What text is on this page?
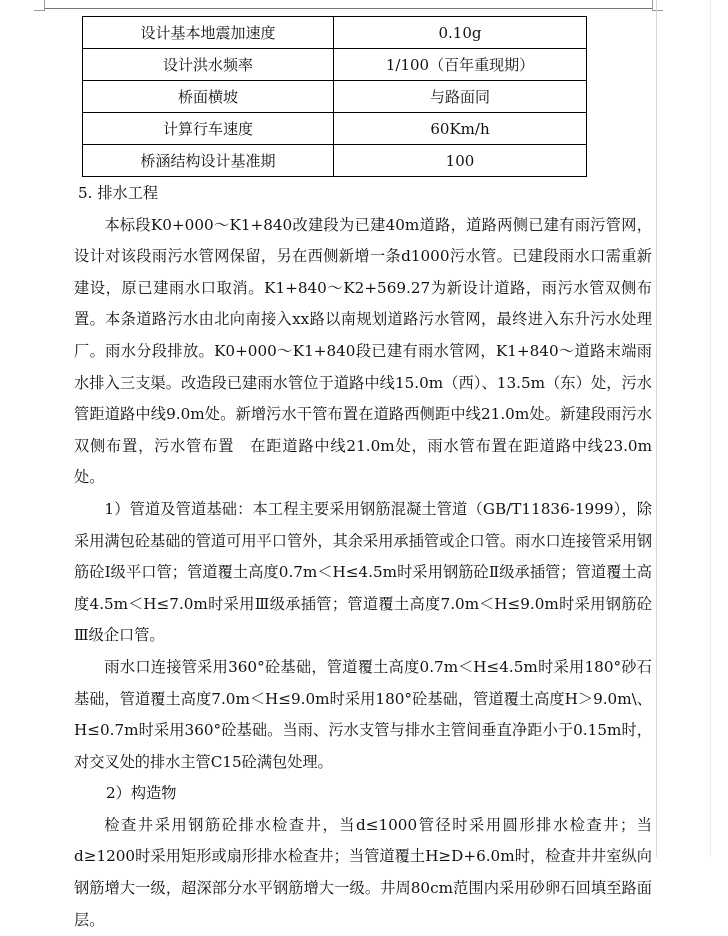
设计基本地震加速度	0.10g
设计洪水频率	1/100（百年重现期）
桥面横坡	与路面同
计算行车速度	60Km/h
桥涵结构设计基准期	100

5. 排水工程

本标段K0+000～K1+840改建段为已建40m道路，道路两侧已建有雨污管网，设计对该段雨污水管网保留，另在西侧新增一条d1000污水管。已建段雨水口需重新建设，原已建雨水口取消。K1+840～K2+569.27为新设计道路，雨污水管双侧布置。本条道路污水由北向南接入xx路以南规划道路污水管网，最终进入东升污水处理厂。雨水分段排放。K0+000～K1+840段已建有雨水管网，K1+840～道路末端雨水排入三支渠。改造段已建雨水管位于道路中线15.0m（西）、13.5m（东）处，污水管距道路中线9.0m处。新增污水干管布置在道路西侧距中线21.0m处。新建段雨污水双侧布置，污水管布置　在距道路中线21.0m处，雨水管布置在距道路中线23.0m处。

1）管道及管道基础：本工程主要采用钢筋混凝土管道（GB/T11836-1999），除采用满包砼基础的管道可用平口管外，其余采用承插管或企口管。雨水口连接管采用钢筋砼Ⅰ级平口管；管道覆土高度0.7m＜H≤4.5m时采用钢筋砼Ⅱ级承插管；管道覆土高度4.5m＜H≤7.0m时采用Ⅲ级承插管；管道覆土高度7.0m＜H≤9.0m时采用钢筋砼Ⅲ级企口管。

雨水口连接管采用360°砼基础，管道覆土高度0.7m＜H≤4.5m时采用180°砂石基础，管道覆土高度7.0m＜H≤9.0m时采用180°砼基础，管道覆土高度H＞9.0m\、H≤0.7m时采用360°砼基础。当雨、污水支管与排水主管间垂直净距小于0.15m时，对交叉处的排水主管C15砼满包处理。

2）构造物

检查井采用钢筋砼排水检查井，当d≤1000管径时采用圆形排水检查井；当d≥1200时采用矩形或扇形排水检查井；当管道覆土H≥D+6.0m时，检查井井室纵向钢筋增大一级，超深部分水平钢筋增大一级。井周80cm范围内采用砂卵石回填至路面层。
